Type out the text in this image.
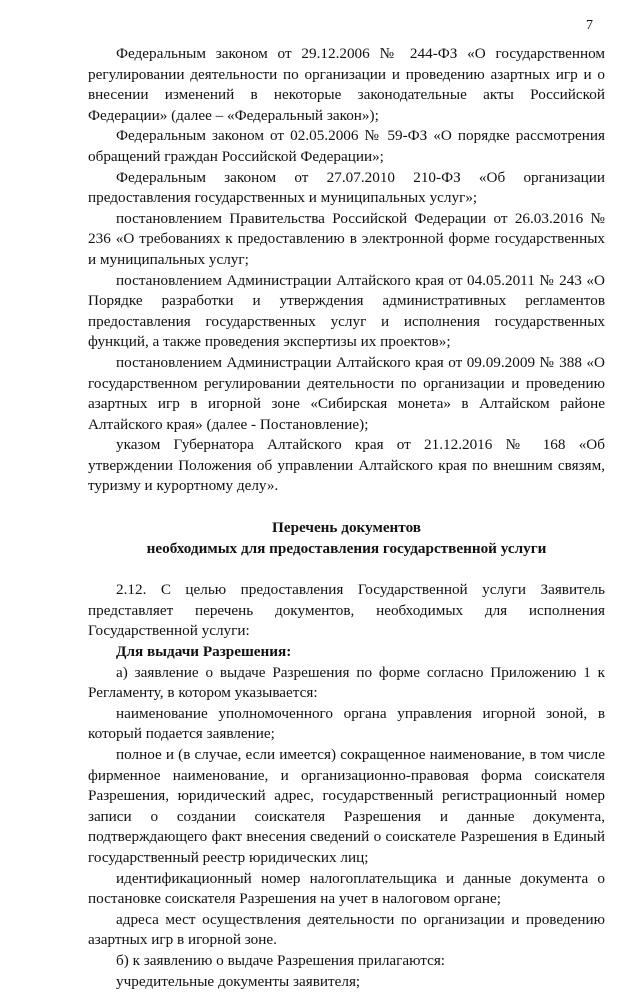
7

Федеральным законом от 29.12.2006 № 244-ФЗ «О государственном регулировании деятельности по организации и проведению азартных игр и о внесении изменений в некоторые законодательные акты Российской Федерации» (далее – «Федеральный закон»);

Федеральным законом от 02.05.2006 № 59-ФЗ «О порядке рассмотрения обращений граждан Российской Федерации»;

Федеральным законом от 27.07.2010 210-ФЗ «Об организации предоставления государственных и муниципальных услуг»;

постановлением Правительства Российской Федерации от 26.03.2016 № 236 «О требованиях к предоставлению в электронной форме государственных и муниципальных услуг;

постановлением Администрации Алтайского края от 04.05.2011 № 243 «О Порядке разработки и утверждения административных регламентов предоставления государственных услуг и исполнения государственных функций, а также проведения экспертизы их проектов»;

постановлением Администрации Алтайского края от 09.09.2009 № 388 «О государственном регулировании деятельности по организации и проведению азартных игр в игорной зоне «Сибирская монета» в Алтайском районе Алтайского края» (далее - Постановление);

указом Губернатора Алтайского края от 21.12.2016 № 168 «Об утверждении Положения об управлении Алтайского края по внешним связям, туризму и курортному делу».

Перечень документов
необходимых для предоставления государственной услуги

2.12. С целью предоставления Государственной услуги Заявитель представляет перечень документов, необходимых для исполнения Государственной услуги:

Для выдачи Разрешения:

а) заявление о выдаче Разрешения по форме согласно Приложению 1 к Регламенту, в котором указывается:

наименование уполномоченного органа управления игорной зоной, в который подается заявление;

полное и (в случае, если имеется) сокращенное наименование, в том числе фирменное наименование, и организационно-правовая форма соискателя Разрешения, юридический адрес, государственный регистрационный номер записи о создании соискателя Разрешения и данные документа, подтверждающего факт внесения сведений о соискателе Разрешения в Единый государственный реестр юридических лиц;

идентификационный номер налогоплательщика и данные документа о постановке соискателя Разрешения на учет в налоговом органе;

адреса мест осуществления деятельности по организации и проведению азартных игр в игорной зоне.

б) к заявлению о выдаче Разрешения прилагаются:

учредительные документы заявителя;
